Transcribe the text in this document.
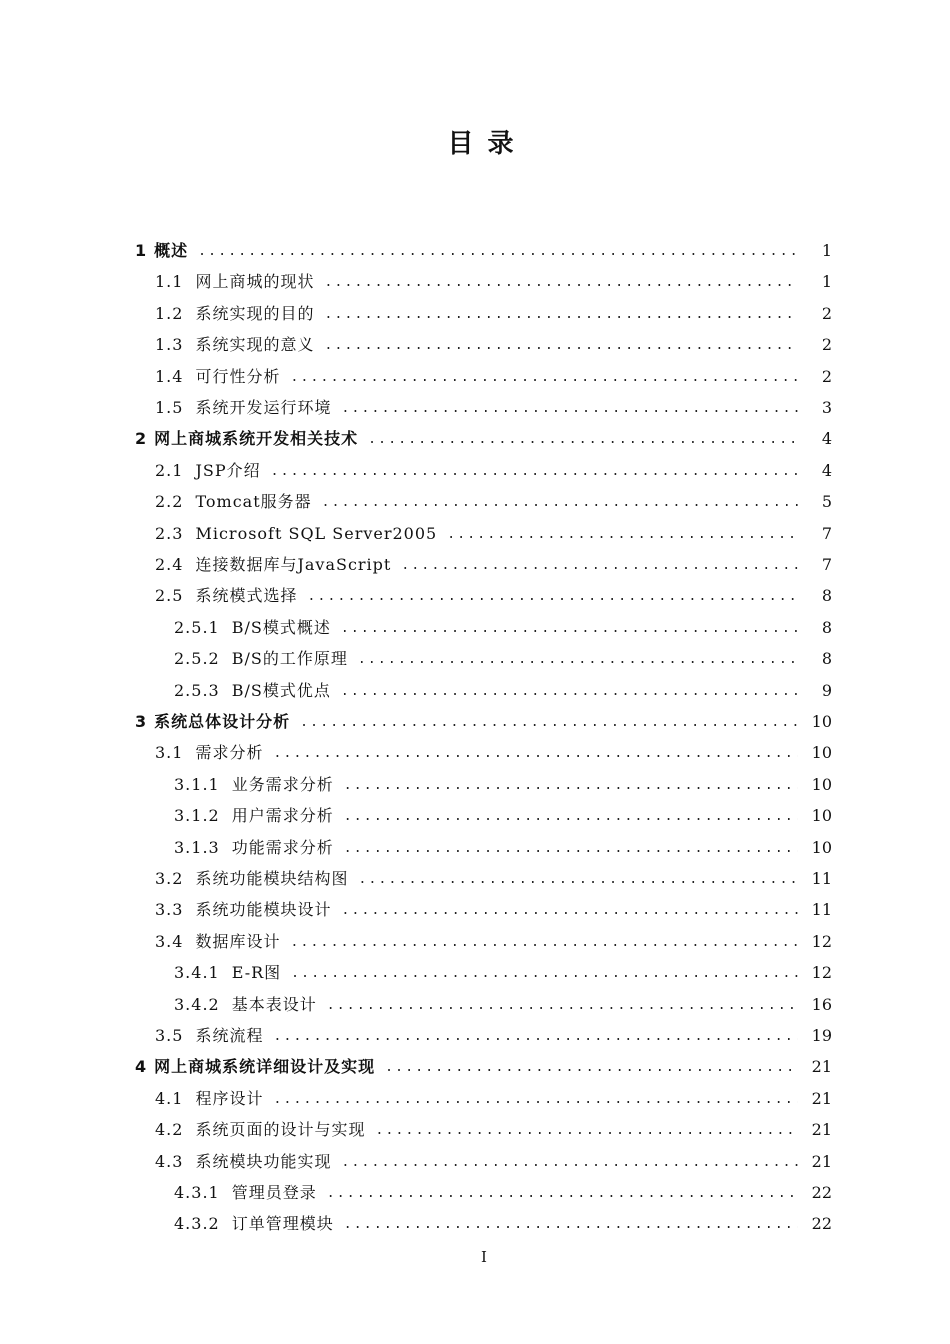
目录
1 概述 .....	1
1.1 网上商城的现状 .....	1
1.2 系统实现的目的 .....	2
1.3 系统实现的意义 .....	2
1.4 可行性分析 .....	2
1.5 系统开发运行环境 .....	3
2 网上商城系统开发相关技术 .....	4
2.1 JSP介绍 .....	4
2.2 Tomcat服务器 .....	5
2.3 Microsoft SQL Server2005 .....	7
2.4 连接数据库与JavaScript .....	7
2.5 系统模式选择 .....	8
2.5.1 B/S模式概述 .....	8
2.5.2 B/S的工作原理 .....	8
2.5.3 B/S模式优点 .....	9
3 系统总体设计分析 .....	10
3.1 需求分析 .....	10
3.1.1 业务需求分析 .....	10
3.1.2 用户需求分析 .....	10
3.1.3 功能需求分析 .....	10
3.2 系统功能模块结构图 .....	11
3.3 系统功能模块设计 .....	11
3.4 数据库设计 .....	12
3.4.1 E-R图 .....	12
3.4.2 基本表设计 .....	16
3.5 系统流程 .....	19
4 网上商城系统详细设计及实现 .....	21
4.1 程序设计 .....	21
4.2 系统页面的设计与实现 .....	21
4.3 系统模块功能实现 .....	21
4.3.1 管理员登录 .....	22
4.3.2 订单管理模块 .....	22
I
